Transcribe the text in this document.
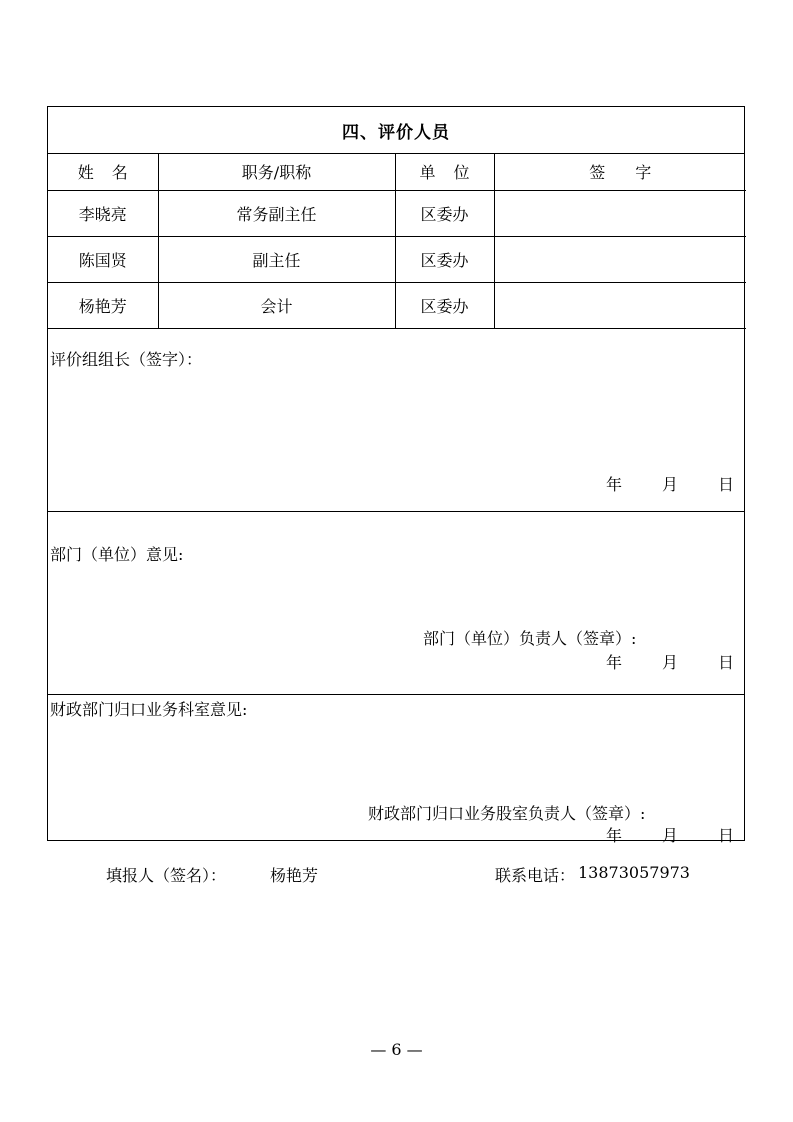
四、评价人员
姓名	职务/职称	单位	签字
李晓亮	常务副主任	区委办	
陈国贤	副主任	区委办	
杨艳芳	会计	区委办	
评价组组长（签字）：
年	月	日
部门（单位）意见:
部门（单位）负责人（签章）:
年	月	日
财政部门归口业务科室意见:
财政部门归口业务股室负责人（签章）:
年	月	日
填报人（签名）：	杨艳芳	联系电话： 13873057973
— 6 —
